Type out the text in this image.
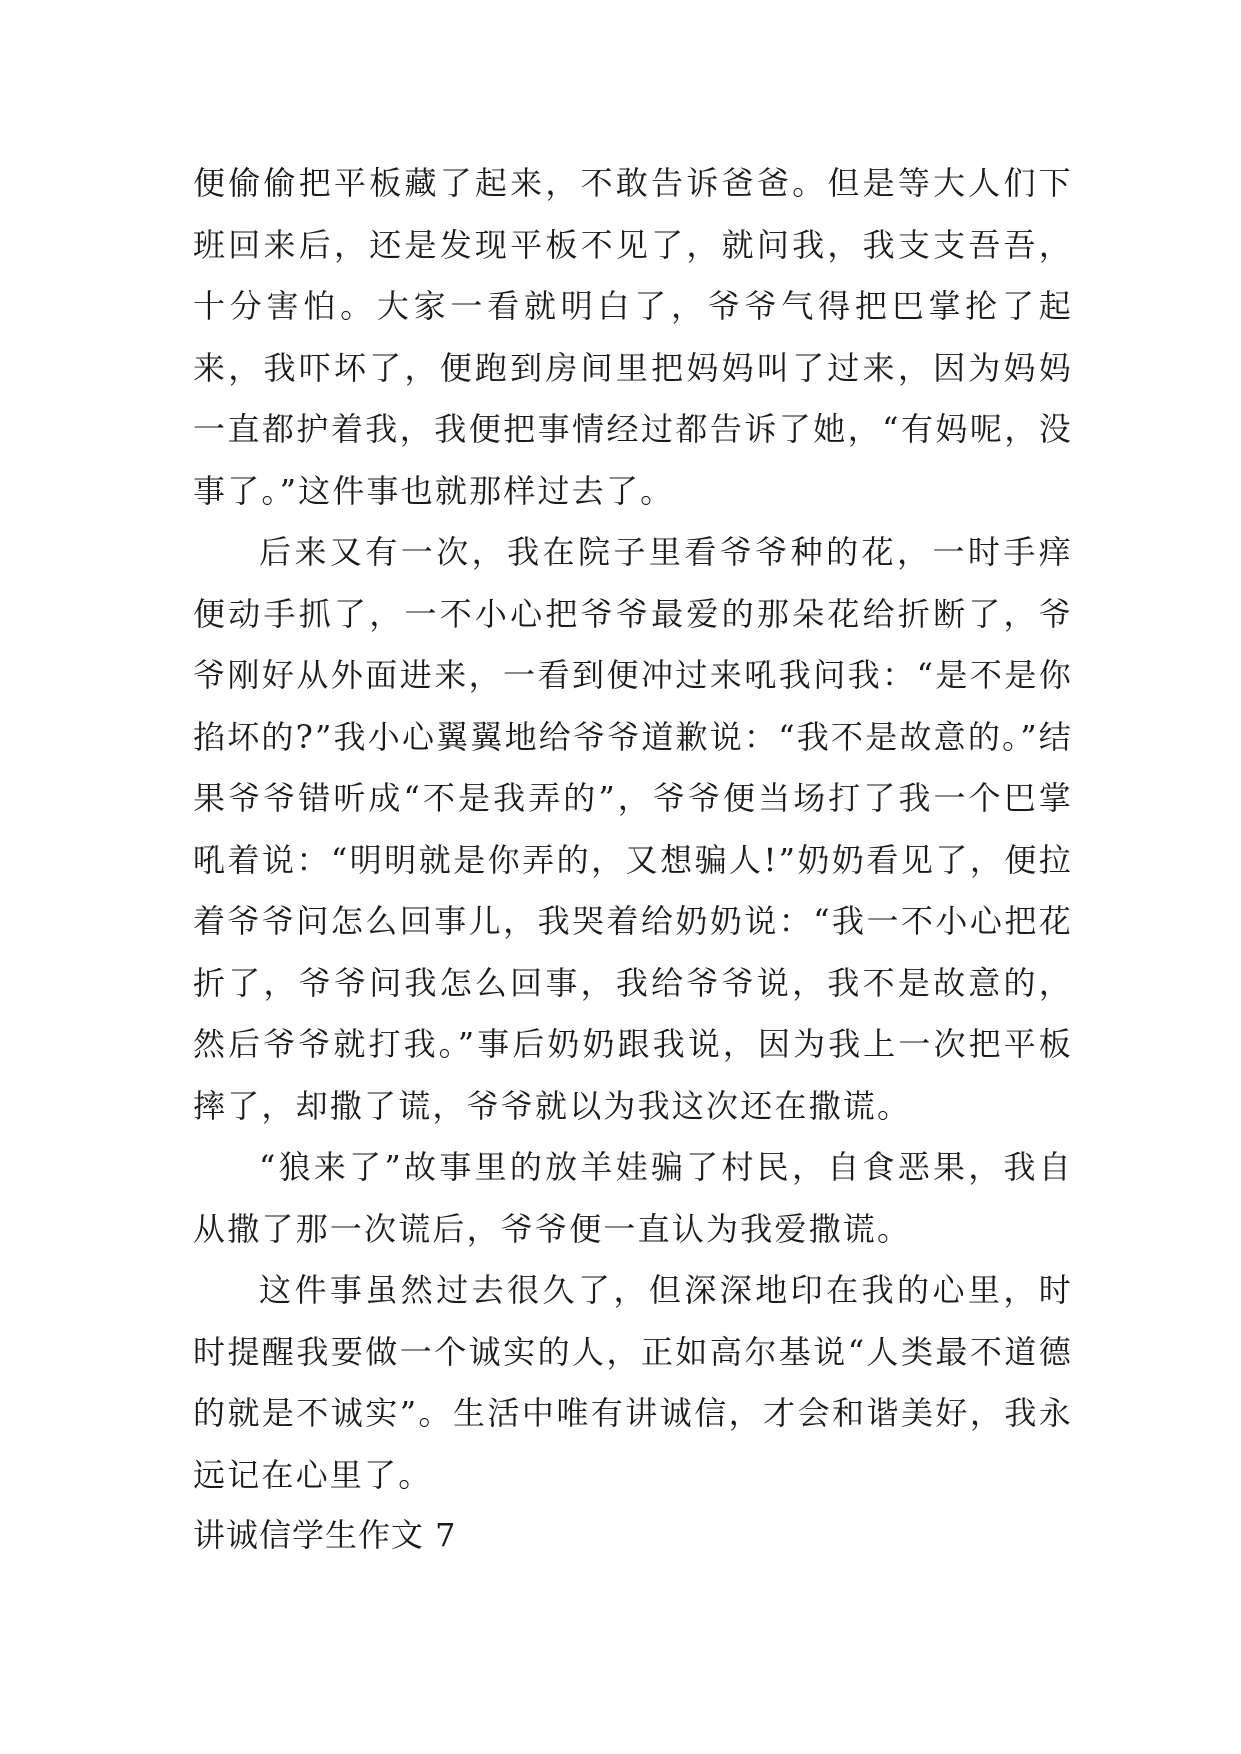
便偷偷把平板藏了起来，不敢告诉爸爸。但是等大人们下班回来后，还是发现平板不见了，就问我，我支支吾吾，十分害怕。大家一看就明白了，爷爷气得把巴掌抡了起来，我吓坏了，便跑到房间里把妈妈叫了过来，因为妈妈一直都护着我，我便把事情经过都告诉了她，“有妈呢，没事了。”这件事也就那样过去了。

后来又有一次，我在院子里看爷爷种的花，一时手痒便动手抓了，一不小心把爷爷最爱的那朵花给折断了，爷爷刚好从外面进来，一看到便冲过来吼我问我：“是不是你掐坏的?”我小心翼翼地给爷爷道歉说：“我不是故意的。”结果爷爷错听成“不是我弄的”，爷爷便当场打了我一个巴掌吼着说：“明明就是你弄的，又想骗人!”奶奶看见了，便拉着爷爷问怎么回事儿，我哭着给奶奶说：“我一不小心把花折了，爷爷问我怎么回事，我给爷爷说，我不是故意的，然后爷爷就打我。”事后奶奶跟我说，因为我上一次把平板摔了，却撒了谎，爷爷就以为我这次还在撒谎。

“狼来了”故事里的放羊娃骗了村民，自食恶果，我自从撒了那一次谎后，爷爷便一直认为我爱撒谎。

这件事虽然过去很久了，但深深地印在我的心里，时时提醒我要做一个诚实的人，正如高尔基说“人类最不道德的就是不诚实”。生活中唯有讲诚信，才会和谐美好，我永远记在心里了。

讲诚信学生作文 7
